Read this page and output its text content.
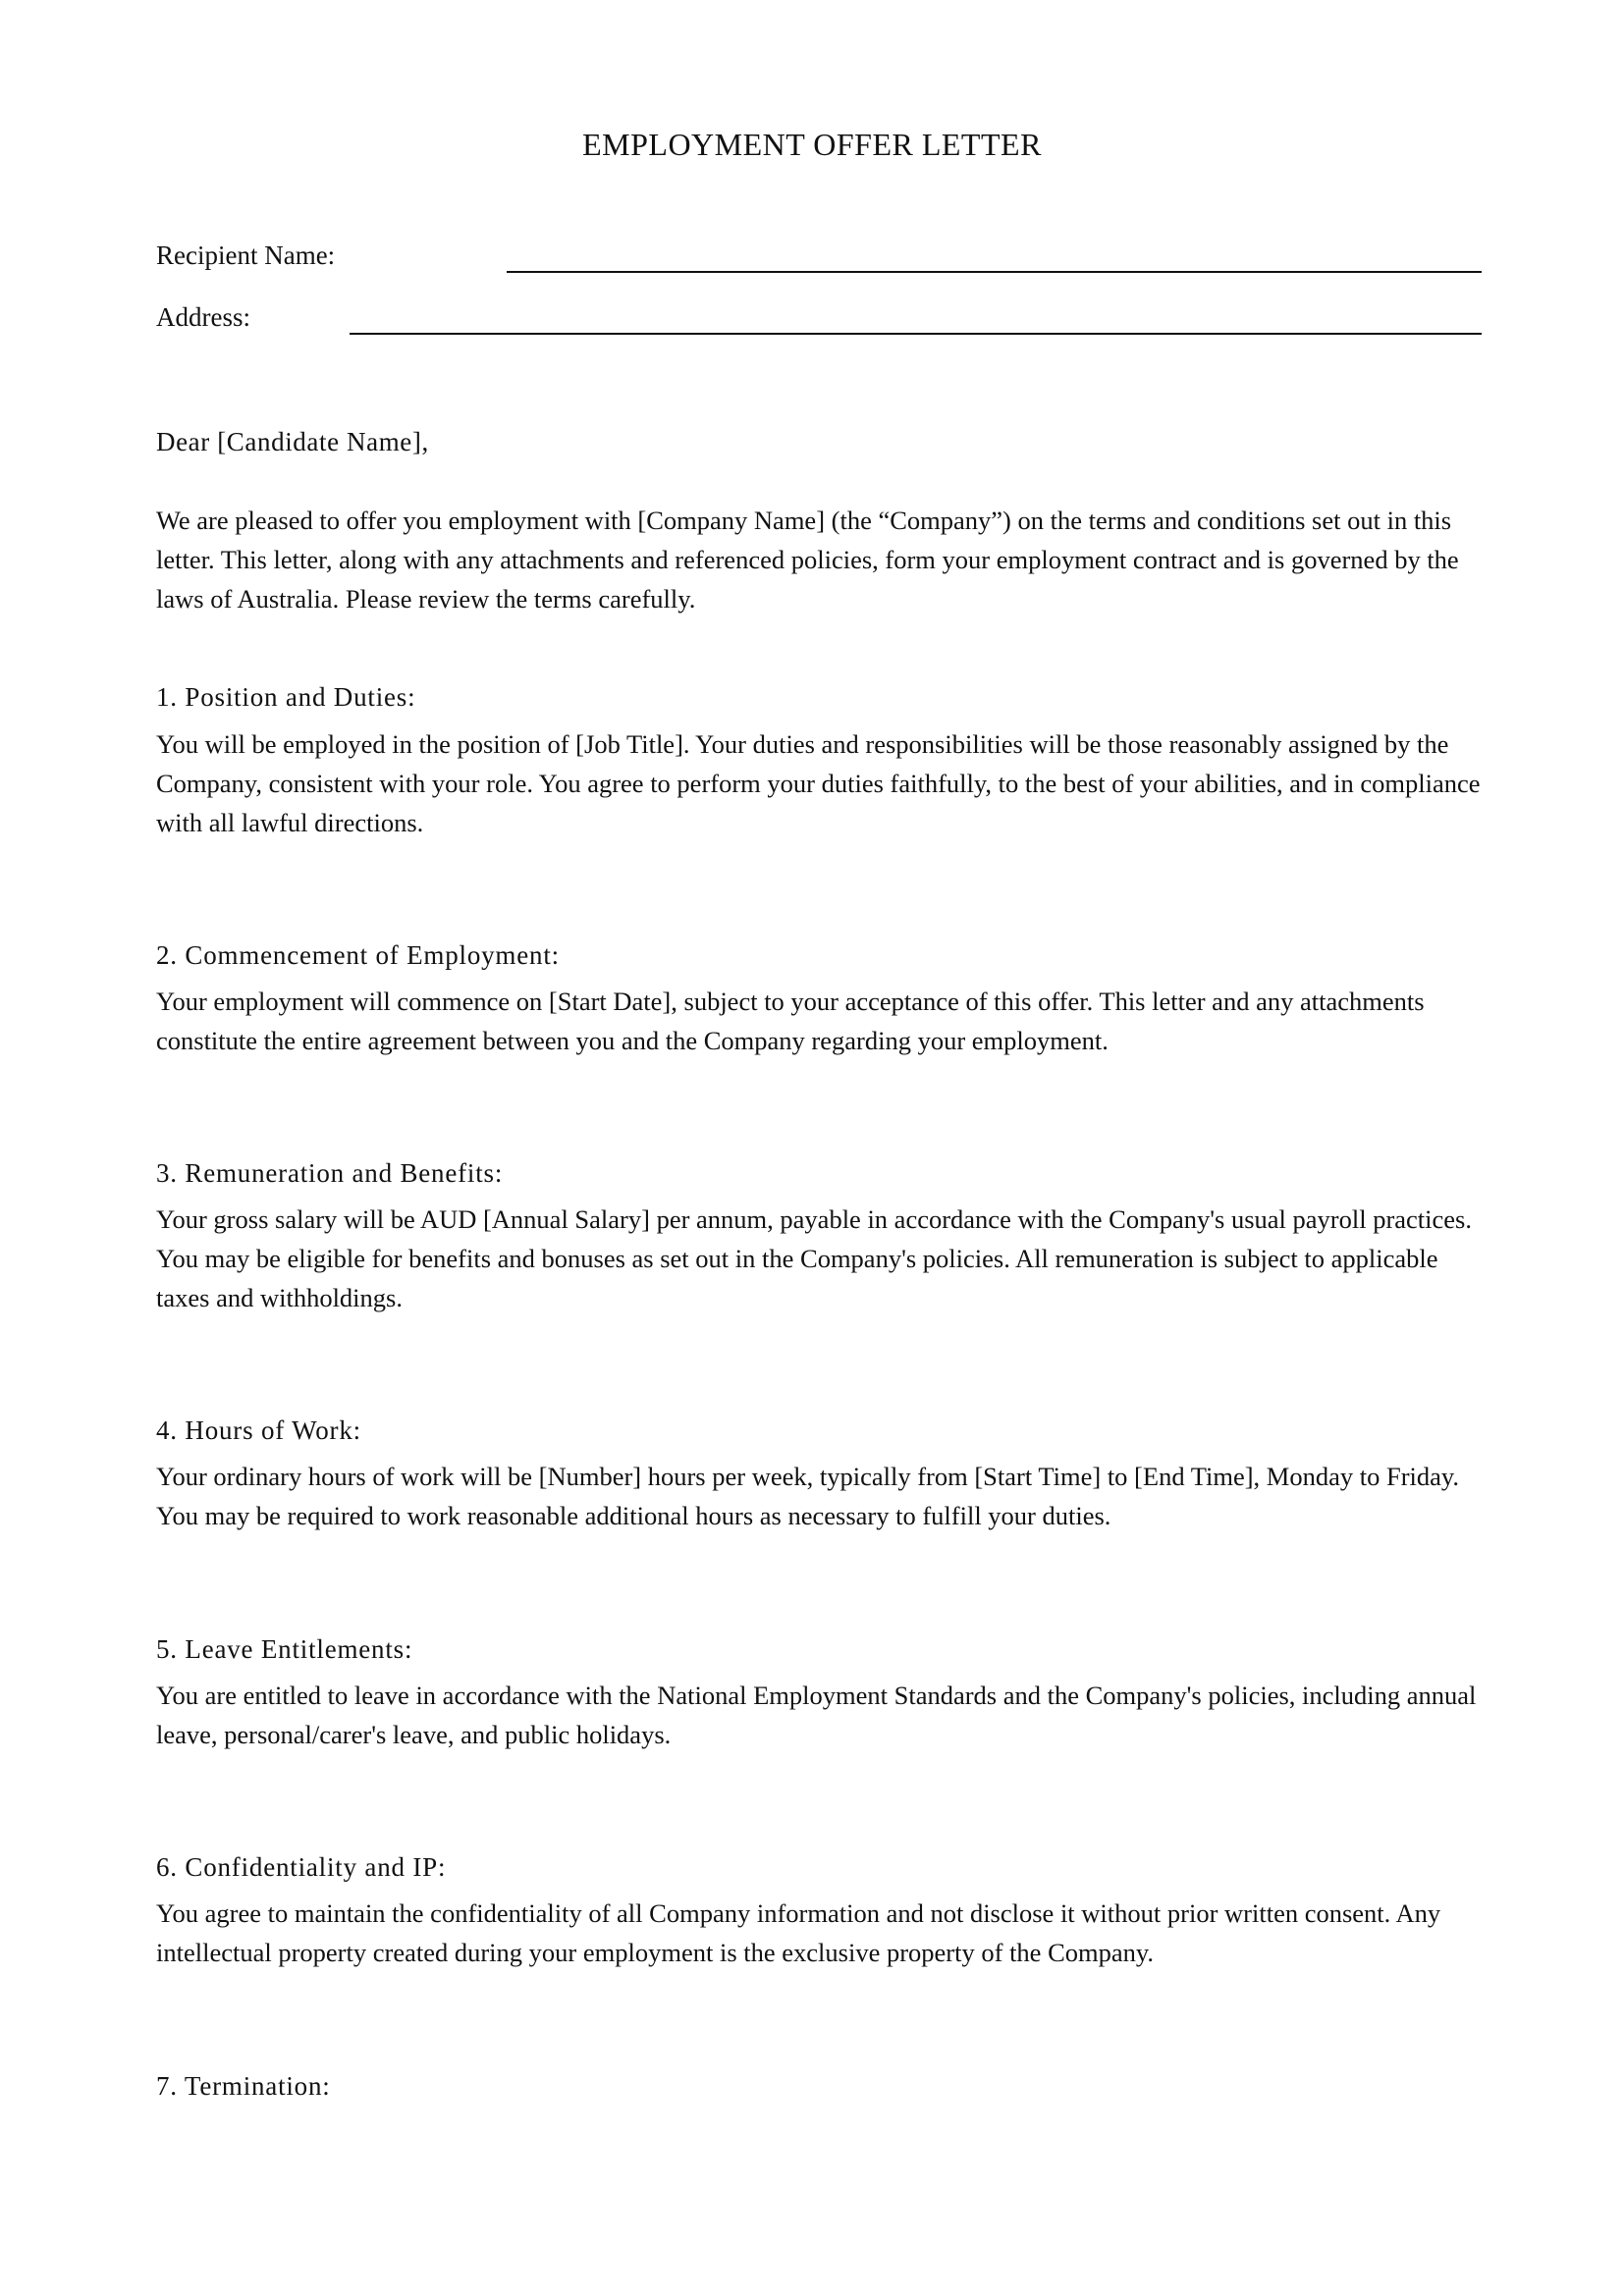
EMPLOYMENT OFFER LETTER
Recipient Name:
Address:
Dear [Candidate Name],

We are pleased to offer you employment with [Company Name] (the “Company”) on the terms and conditions set out in this letter. This letter, along with any attachments and referenced policies, form your employment contract and is governed by the laws of Australia. Please review the terms carefully.

1. Position and Duties:

You will be employed in the position of [Job Title]. Your duties and responsibilities will be those reasonably assigned by the Company, consistent with your role. You agree to perform your duties faithfully, to the best of your abilities, and in compliance with all lawful directions.

2. Commencement of Employment:

Your employment will commence on [Start Date], subject to your acceptance of this offer. This letter and any attachments constitute the entire agreement between you and the Company regarding your employment.

3. Remuneration and Benefits:

Your gross salary will be AUD [Annual Salary] per annum, payable in accordance with the Company's usual payroll practices. You may be eligible for benefits and bonuses as set out in the Company's policies. All remuneration is subject to applicable taxes and withholdings.

4. Hours of Work:

Your ordinary hours of work will be [Number] hours per week, typically from [Start Time] to [End Time], Monday to Friday. You may be required to work reasonable additional hours as necessary to fulfill your duties.

5. Leave Entitlements:

You are entitled to leave in accordance with the National Employment Standards and the Company's policies, including annual leave, personal/carer's leave, and public holidays.

6. Confidentiality and IP:

You agree to maintain the confidentiality of all Company information and not disclose it without prior written consent. Any intellectual property created during your employment is the exclusive property of the Company.

7. Termination:
